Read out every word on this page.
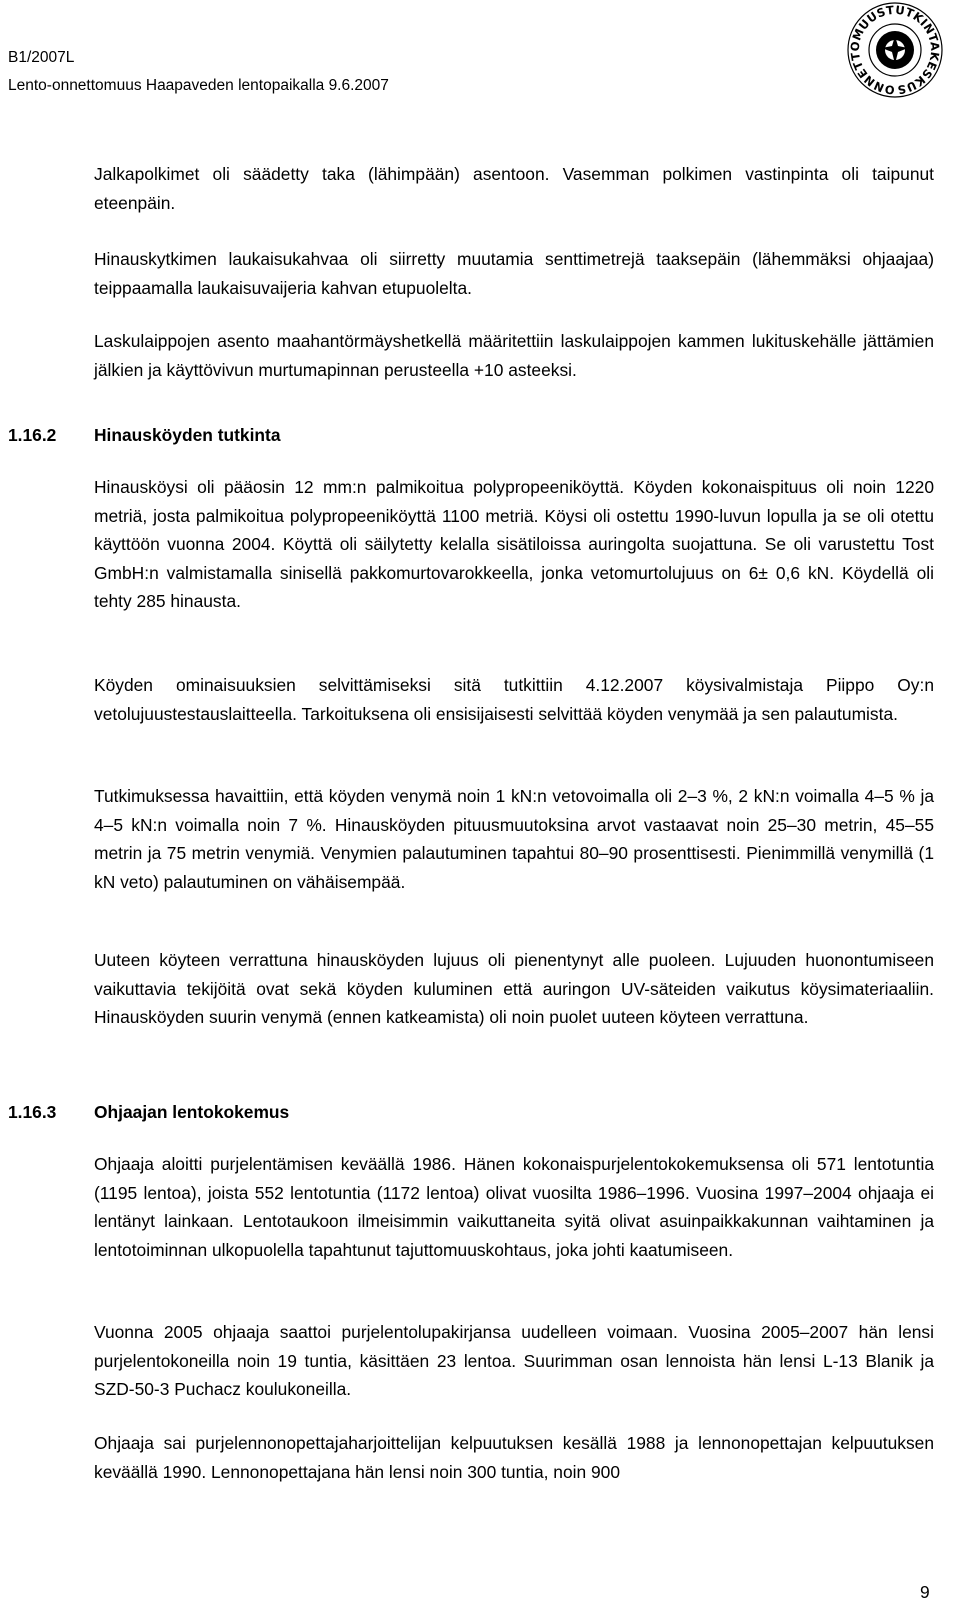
B1/2007L
Lento-onnettomuus Haapaveden lentopaikalla 9.6.2007	ONNETTOMUUSTUTKINTAKESKUS

Jalkapolkimet oli säädetty taka (lähimpään) asentoon. Vasemman polkimen vastinpinta oli taipunut eteenpäin.

Hinauskytkimen laukaisukahvaa oli siirretty muutamia senttimetrejä taaksepäin (lähemmäksi ohjaajaa) teippaamalla laukaisuvaijeria kahvan etupuolelta.

Laskulaippojen asento maahantörmäyshetkellä määritettiin laskulaippojen kammen lukituskehälle jättämien jälkien ja käyttövivun murtumapinnan perusteella +10 asteeksi.

1.16.2 Hinausköyden tutkinta

Hinausköysi oli pääosin 12 mm:n palmikoitua polypropeeniköyttä. Köyden kokonaispituus oli noin 1220 metriä, josta palmikoitua polypropeeniköyttä 1100 metriä. Köysi oli ostettu 1990-luvun lopulla ja se oli otettu käyttöön vuonna 2004. Köyttä oli säilytetty kelalla sisätiloissa auringolta suojattuna. Se oli varustettu Tost GmbH:n valmistamalla sinisellä pakkomurtovarokkeella, jonka vetomurtolujuus on 6± 0,6 kN. Köydellä oli tehty 285 hinausta.

Köyden ominaisuuksien selvittämiseksi sitä tutkittiin 4.12.2007 köysivalmistaja Piippo Oy:n vetolujuustestauslaitteella. Tarkoituksena oli ensisijaisesti selvittää köyden venymää ja sen palautumista.

Tutkimuksessa havaittiin, että köyden venymä noin 1 kN:n vetovoimalla oli 2–3 %, 2 kN:n voimalla 4–5 % ja 4–5 kN:n voimalla noin 7 %. Hinausköyden pituusmuutoksina arvot vastaavat noin 25–30 metrin, 45–55 metrin ja 75 metrin venymiä. Venymien palautuminen tapahtui 80–90 prosenttisesti. Pienimmillä venymillä (1 kN veto) palautuminen on vähäisempää.

Uuteen köyteen verrattuna hinausköyden lujuus oli pienentynyt alle puoleen. Lujuuden huonontumiseen vaikuttavia tekijöitä ovat sekä köyden kuluminen että auringon UV-säteiden vaikutus köysimateriaaliin. Hinausköyden suurin venymä (ennen katkeamista) oli noin puolet uuteen köyteen verrattuna.

1.16.3 Ohjaajan lentokokemus

Ohjaaja aloitti purjelentämisen keväällä 1986. Hänen kokonaispurjelentokokemuksensa oli 571 lentotuntia (1195 lentoa), joista 552 lentotuntia (1172 lentoa) olivat vuosilta 1986–1996. Vuosina 1997–2004 ohjaaja ei lentänyt lainkaan. Lentotaukoon ilmeisimmin vaikuttaneita syitä olivat asuinpaikkakunnan vaihtaminen ja lentotoiminnan ulkopuolella tapahtunut tajuttomuuskohtaus, joka johti kaatumiseen.

Vuonna 2005 ohjaaja saattoi purjelentolupakirjansa uudelleen voimaan. Vuosina 2005–2007 hän lensi purjelentokoneilla noin 19 tuntia, käsittäen 23 lentoa. Suurimman osan lennoista hän lensi L-13 Blanik ja SZD-50-3 Puchacz koulukoneilla.

Ohjaaja sai purjelennonopettajaharjoittelijan kelpuutuksen kesällä 1988 ja lennonopettajan kelpuutuksen keväällä 1990. Lennonopettajana hän lensi noin 300 tuntia, noin 900

9
